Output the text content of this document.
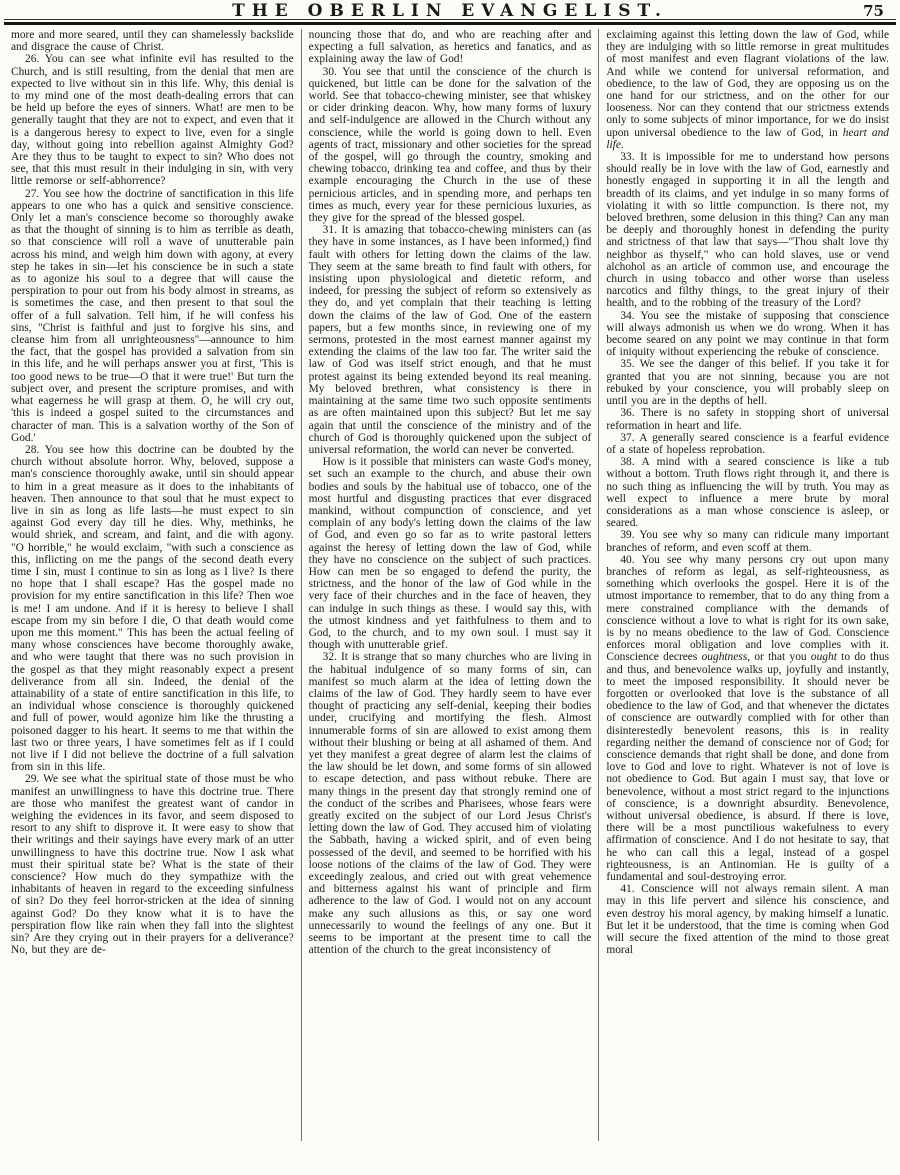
THE OBERLIN EVANGELIST.	75

more and more seared, until they can shamelessly backslide and disgrace the cause of Christ.

26. You can see what infinite evil has resulted to the Church, and is still resulting, from the denial that men are expected to live without sin in this life. Why, this denial is to my mind one of the most death-dealing errors that can be held up before the eyes of sinners. What! are men to be generally taught that they are not to expect, and even that it is a dangerous heresy to expect to live, even for a single day, without going into rebellion against Almighty God? Are they thus to be taught to expect to sin? Who does not see, that this must result in their indulging in sin, with very little remorse or self-abhorrence?

27. You see how the doctrine of sanctification in this life appears to one who has a quick and sensitive conscience. Only let a man's conscience become so thoroughly awake as that the thought of sinning is to him as terrible as death, so that conscience will roll a wave of unutterable pain across his mind, and weigh him down with agony, at every step he takes in sin—let his conscience be in such a state as to agonize his soul to a degree that will cause the perspiration to pour out from his body almost in streams, as is sometimes the case, and then present to that soul the offer of a full salvation. Tell him, if he will confess his sins, "Christ is faithful and just to forgive his sins, and cleanse him from all unrighteousness"—announce to him the fact, that the gospel has provided a salvation from sin in this life, and he will perhaps answer you at first, 'This is too good news to be true—O that it were true!' But turn the subject over, and present the scripture promises, and with what eagerness he will grasp at them. O, he will cry out, 'this is indeed a gospel suited to the circumstances and character of man. This is a salvation worthy of the Son of God.'

28. You see how this doctrine can be doubted by the church without absolute horror. Why, beloved, suppose a man's conscience thoroughly awake, until sin should appear to him in a great measure as it does to the inhabitants of heaven. Then announce to that soul that he must expect to live in sin as long as life lasts—he must expect to sin against God every day till he dies. Why, methinks, he would shriek, and scream, and faint, and die with agony. "O horrible," he would exclaim, "with such a conscience as this, inflicting on me the pangs of the second death every time I sin, must I continue to sin as long as I live? Is there no hope that I shall escape? Has the gospel made no provision for my entire sanctification in this life? Then woe is me! I am undone. And if it is heresy to believe I shall escape from my sin before I die, O that death would come upon me this moment." This has been the actual feeling of many whose consciences have become thoroughly awake, and who were taught that there was no such provision in the gospel as that they might reasonably expect a present deliverance from all sin. Indeed, the denial of the attainability of a state of entire sanctification in this life, to an individual whose conscience is thoroughly quickened and full of power, would agonize him like the thrusting a poisoned dagger to his heart. It seems to me that within the last two or three years, I have sometimes felt as if I could not live if I did not believe the doctrine of a full salvation from sin in this life.

29. We see what the spiritual state of those must be who manifest an unwillingness to have this doctrine true. There are those who manifest the greatest want of candor in weighing the evidences in its favor, and seem disposed to resort to any shift to disprove it. It were easy to show that their writings and their sayings have every mark of an utter unwillingness to have this doctrine true. Now I ask what must their spiritual state be? What is the state of their conscience? How much do they sympathize with the inhabitants of heaven in regard to the exceeding sinfulness of sin? Do they feel horror-stricken at the idea of sinning against God? Do they know what it is to have the perspiration flow like rain when they fall into the slightest sin? Are they crying out in their prayers for a deliverance? No, but they are de-

nouncing those that do, and who are reaching after and expecting a full salvation, as heretics and fanatics, and as explaining away the law of God!

30. You see that until the conscience of the church is quickened, but little can be done for the salvation of the world. See that tobacco-chewing minister, see that whiskey or cider drinking deacon. Why, how many forms of luxury and self-indulgence are allowed in the Church without any conscience, while the world is going down to hell. Even agents of tract, missionary and other societies for the spread of the gospel, will go through the country, smoking and chewing tobacco, drinking tea and coffee, and thus by their example encouraging the Church in the use of these pernicious articles, and in spending more, and perhaps ten times as much, every year for these pernicious luxuries, as they give for the spread of the blessed gospel.

31. It is amazing that tobacco-chewing ministers can (as they have in some instances, as I have been informed,) find fault with others for letting down the claims of the law. They seem at the same breath to find fault with others, for insisting upon physiological and dietetic reform, and indeed, for pressing the subject of reform so extensively as they do, and yet complain that their teaching is letting down the claims of the law of God. One of the eastern papers, but a few months since, in reviewing one of my sermons, protested in the most earnest manner against my extending the claims of the law too far. The writer said the law of God was itself strict enough, and that he must protest against its being extended beyond its real meaning. My beloved brethren, what consistency is there in maintaining at the same time two such opposite sentiments as are often maintained upon this subject? But let me say again that until the conscience of the ministry and of the church of God is thoroughly quickened upon the subject of universal reformation, the world can never be converted.

How is it possible that ministers can waste God's money, set such an example to the church, and abuse their own bodies and souls by the habitual use of tobacco, one of the most hurtful and disgusting practices that ever disgraced mankind, without compunction of conscience, and yet complain of any body's letting down the claims of the law of God, and even go so far as to write pastoral letters against the heresy of letting down the law of God, while they have no conscience on the subject of such practices. How can men be so engaged to defend the purity, the strictness, and the honor of the law of God while in the very face of their churches and in the face of heaven, they can indulge in such things as these. I would say this, with the utmost kindness and yet faithfulness to them and to God, to the church, and to my own soul. I must say it though with unutterable grief.

32. It is strange that so many churches who are living in the habitual indulgence of so many forms of sin, can manifest so much alarm at the idea of letting down the claims of the law of God. They hardly seem to have ever thought of practicing any self-denial, keeping their bodies under, crucifying and mortifying the flesh. Almost innumerable forms of sin are allowed to exist among them without their blushing or being at all ashamed of them. And yet they manifest a great degree of alarm lest the claims of the law should be let down, and some forms of sin allowed to escape detection, and pass without rebuke. There are many things in the present day that strongly remind one of the conduct of the scribes and Pharisees, whose fears were greatly excited on the subject of our Lord Jesus Christ's letting down the law of God. They accused him of violating the Sabbath, having a wicked spirit, and of even being possessed of the devil, and seemed to be horrified with his loose notions of the claims of the law of God. They were exceedingly zealous, and cried out with great vehemence and bitterness against his want of principle and firm adherence to the law of God. I would not on any account make any such allusions as this, or say one word unnecessarily to wound the feelings of any one. But it seems to be important at the present time to call the attention of the church to the great inconsistency of

exclaiming against this letting down the law of God, while they are indulging with so little remorse in great multitudes of most manifest and even flagrant violations of the law. And while we contend for universal reformation, and obedience, to the law of God, they are opposing us on the one hand for our strictness, and on the other for our looseness. Nor can they contend that our strictness extends only to some subjects of minor importance, for we do insist upon universal obedience to the law of God, in heart and life.

33. It is impossible for me to understand how persons should really be in love with the law of God, earnestly and honestly engaged in supporting it in all the length and breadth of its claims, and yet indulge in so many forms of violating it with so little compunction. Is there not, my beloved brethren, some delusion in this thing? Can any man be deeply and thoroughly honest in defending the purity and strictness of that law that says—"Thou shalt love thy neighbor as thyself," who can hold slaves, use or vend alchohol as an article of common use, and encourage the church in using tobacco and other worse than useless narcotics and filthy things, to the great injury of their health, and to the robbing of the treasury of the Lord?

34. You see the mistake of supposing that conscience will always admonish us when we do wrong. When it has become seared on any point we may continue in that form of iniquity without experiencing the rebuke of conscience.

35. We see the danger of this belief. If you take it for granted that you are not sinning, because you are not rebuked by your conscience, you will probably sleep on until you are in the depths of hell.

36. There is no safety in stopping short of universal reformation in heart and life.

37. A generally seared conscience is a fearful evidence of a state of hopeless reprobation.

38. A mind with a seared conscience is like a tub without a bottom. Truth flows right through it, and there is no such thing as influencing the will by truth. You may as well expect to influence a mere brute by moral considerations as a man whose conscience is asleep, or seared.

39. You see why so many can ridicule many important branches of reform, and even scoff at them.

40. You see why many persons cry out upon many branches of reform as legal, as self-righteousness, as something which overlooks the gospel. Here it is of the utmost importance to remember, that to do any thing from a mere constrained compliance with the demands of conscience without a love to what is right for its own sake, is by no means obedience to the law of God. Conscience enforces moral obligation and love complies with it. Conscience decrees oughtness, or that you ought to do thus and thus, and benevolence walks up, joyfully and instantly, to meet the imposed responsibility. It should never be forgotten or overlooked that love is the substance of all obedience to the law of God, and that whenever the dictates of conscience are outwardly complied with for other than disinterestedly benevolent reasons, this is in reality regarding neither the demand of conscience nor of God; for conscience demands that right shall be done, and done from love to God and love to right. Whatever is not of love is not obedience to God. But again I must say, that love or benevolence, without a most strict regard to the injunctions of conscience, is a downright absurdity. Benevolence, without universal obedience, is absurd. If there is love, there will be a most punctilious wakefulness to every affirmation of conscience. And I do not hesitate to say, that he who can call this a legal, instead of a gospel righteousness, is an Antinomian. He is guilty of a fundamental and soul-destroying error.

41. Conscience will not always remain silent. A man may in this life pervert and silence his conscience, and even destroy his moral agency, by making himself a lunatic. But let it be understood, that the time is coming when God will secure the fixed attention of the mind to those great moral
